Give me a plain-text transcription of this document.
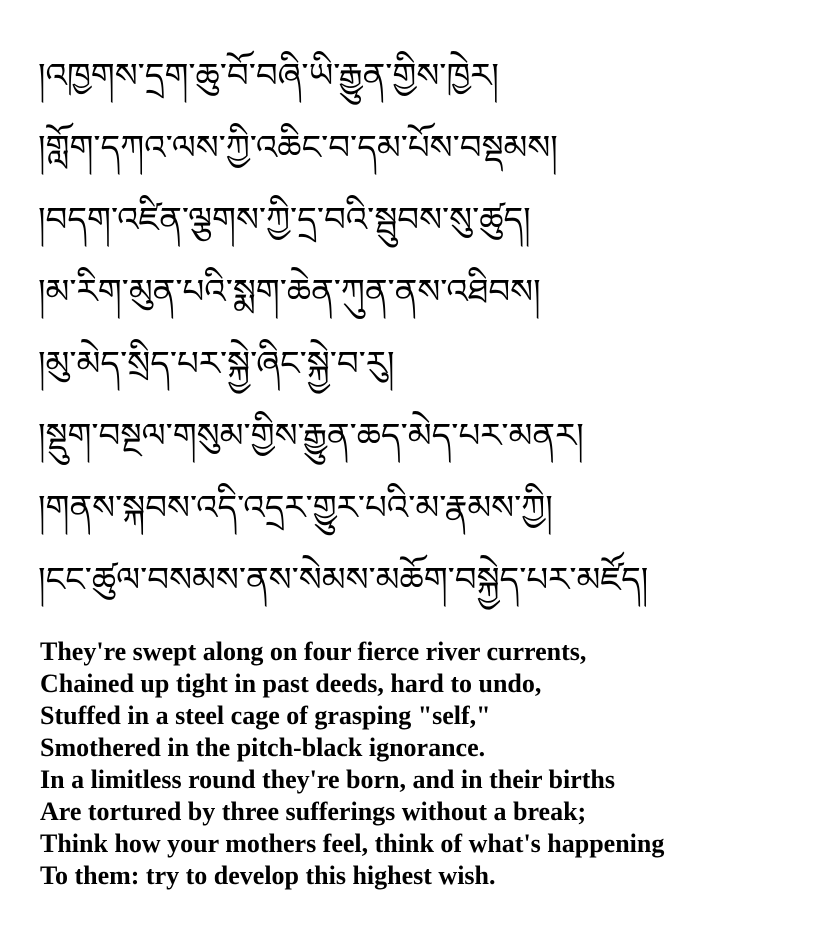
།འཁྱགས་དྲག་ཆུ་བོ་བཞི་ཡི་རྒྱུན་གྱིས་ཁྱེར།
།གློག་དཀའ་ལས་ཀྱི་འཆིང་བ་དམ་པོས་བསྡམས།
།བདག་འཛིན་ལྕགས་ཀྱི་དྲ་བའི་སྦུབས་སུ་ཚུད།
།མ་རིག་མུན་པའི་སྨག་ཆེན་ཀུན་ནས་འཐིབས།
།མུ་མེད་སྲིད་པར་སྐྱེ་ཞིང་སྐྱེ་བ་རུ།
།སྡུག་བསྔལ་གསུམ་གྱིས་རྒྱུན་ཆད་མེད་པར་མནར།
།གནས་སྐབས་འདི་འདྲར་གྱུར་པའི་མ་རྣམས་ཀྱི།
།ངང་ཚུལ་བསམས་ནས་སེམས་མཆོག་བསྐྱེད་པར་མཛོད།
They're swept along on four fierce river currents,
Chained up tight in past deeds, hard to undo,
Stuffed in a steel cage of grasping "self,"
Smothered in the pitch-black ignorance.
In a limitless round they're born, and in their births
Are tortured by three sufferings without a break;
Think how your mothers feel, think of what's happening
To them: try to develop this highest wish.
